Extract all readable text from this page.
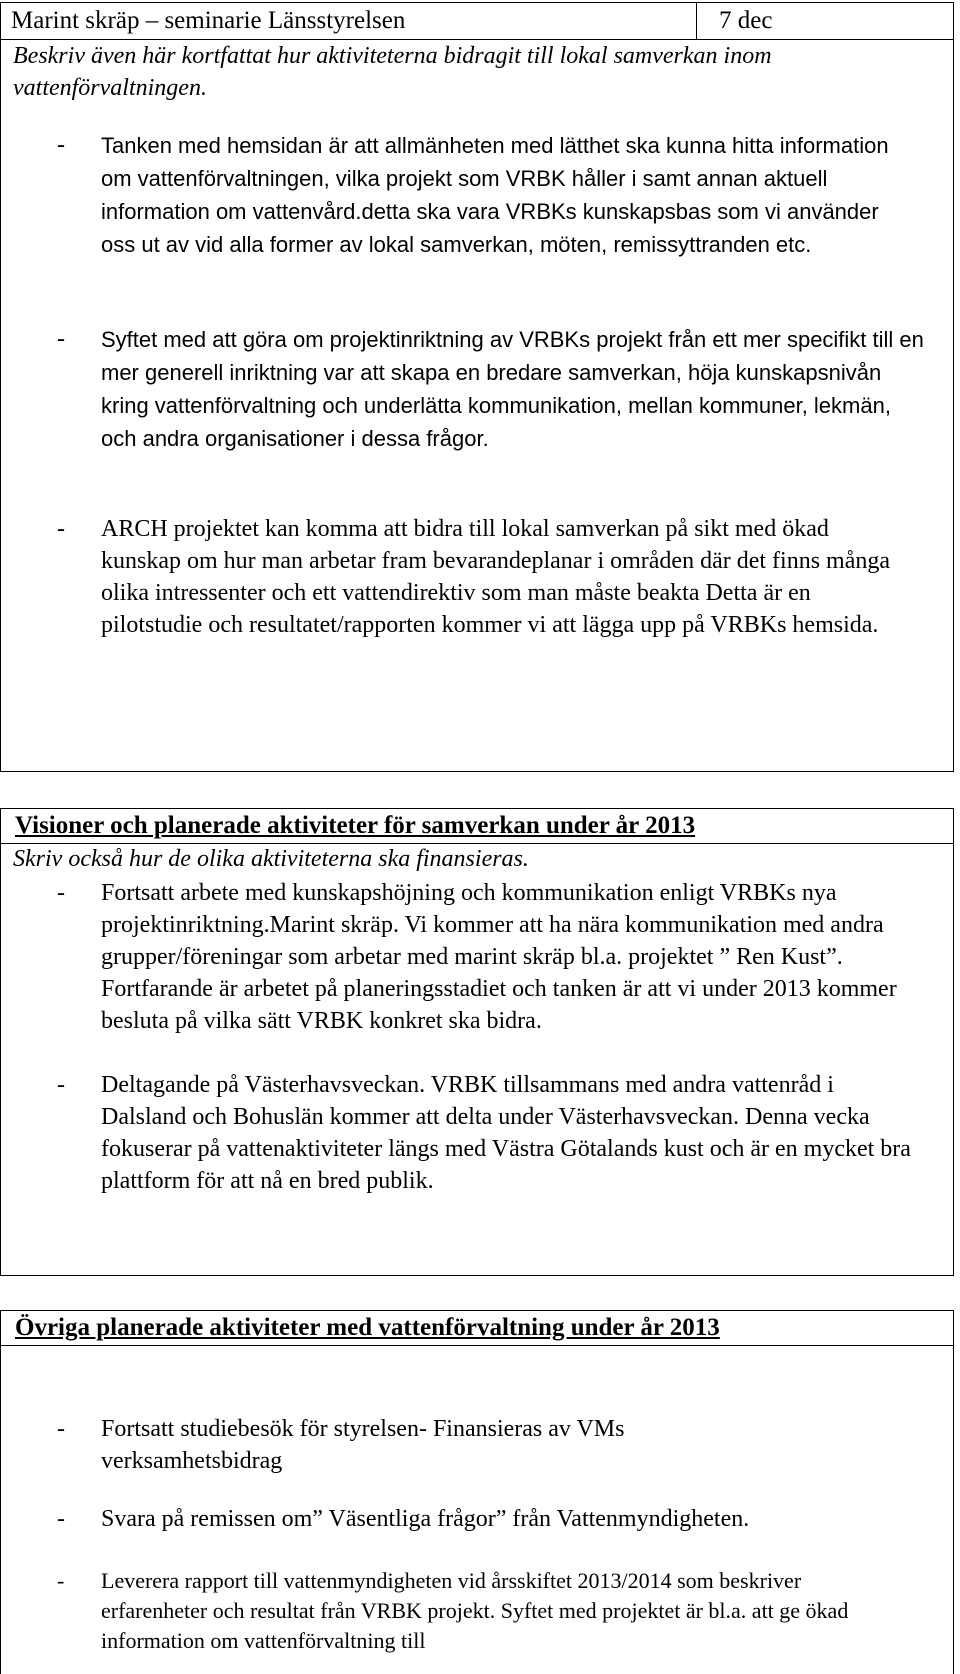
Marint skräp – seminarie Länsstyrelsen	7 dec
Beskriv även här kortfattat hur aktiviteterna bidragit till lokal samverkan inom vattenförvaltningen.
- Tanken med hemsidan är att allmänheten med lätthet ska kunna hitta information om vattenförvaltningen, vilka projekt som VRBK håller i samt annan aktuell information om vattenvård.detta ska vara VRBKs kunskapsbas som vi använder oss ut av vid alla former av lokal samverkan, möten, remissyttranden etc.
- Syftet med att göra om projektinriktning av VRBKs projekt från ett mer specifikt till en mer generell inriktning var att skapa en bredare samverkan, höja kunskapsnivån kring vattenförvaltning och underlätta kommunikation, mellan kommuner, lekmän, och andra organisationer i dessa frågor.
- ARCH projektet kan komma att bidra till lokal samverkan på sikt med ökad kunskap om hur man arbetar fram bevarandeplanar i områden där det finns många olika intressenter och ett vattendirektiv som man måste beakta Detta är en pilotstudie och resultatet/rapporten kommer vi att lägga upp på VRBKs hemsida.
Visioner och planerade aktiviteter för samverkan under år 2013
Skriv också hur de olika aktiviteterna ska finansieras.
- Fortsatt arbete med kunskapshöjning och kommunikation enligt VRBKs nya projektinriktning.Marint skräp. Vi kommer att ha nära kommunikation med andra grupper/föreningar som arbetar med marint skräp bl.a. projektet ” Ren Kust”. Fortfarande är arbetet på planeringsstadiet och tanken är att vi under 2013 kommer besluta på vilka sätt VRBK konkret ska bidra.
- Deltagande på Västerhavsveckan. VRBK tillsammans med andra vattenråd i Dalsland och Bohuslän kommer att delta under Västerhavsveckan. Denna vecka fokuserar på vattenaktiviteter längs med Västra Götalands kust och är en mycket bra plattform för att nå en bred publik.
Övriga planerade aktiviteter med vattenförvaltning under år 2013
- Fortsatt studiebesök för styrelsen- Finansieras av VMs verksamhetsbidrag
- Svara på remissen om” Väsentliga frågor” från Vattenmyndigheten.
- Leverera rapport till vattenmyndigheten vid årsskiftet 2013/2014 som beskriver erfarenheter och resultat från VRBK projekt. Syftet med projektet är bl.a. att ge ökad information om vattenförvaltning till
